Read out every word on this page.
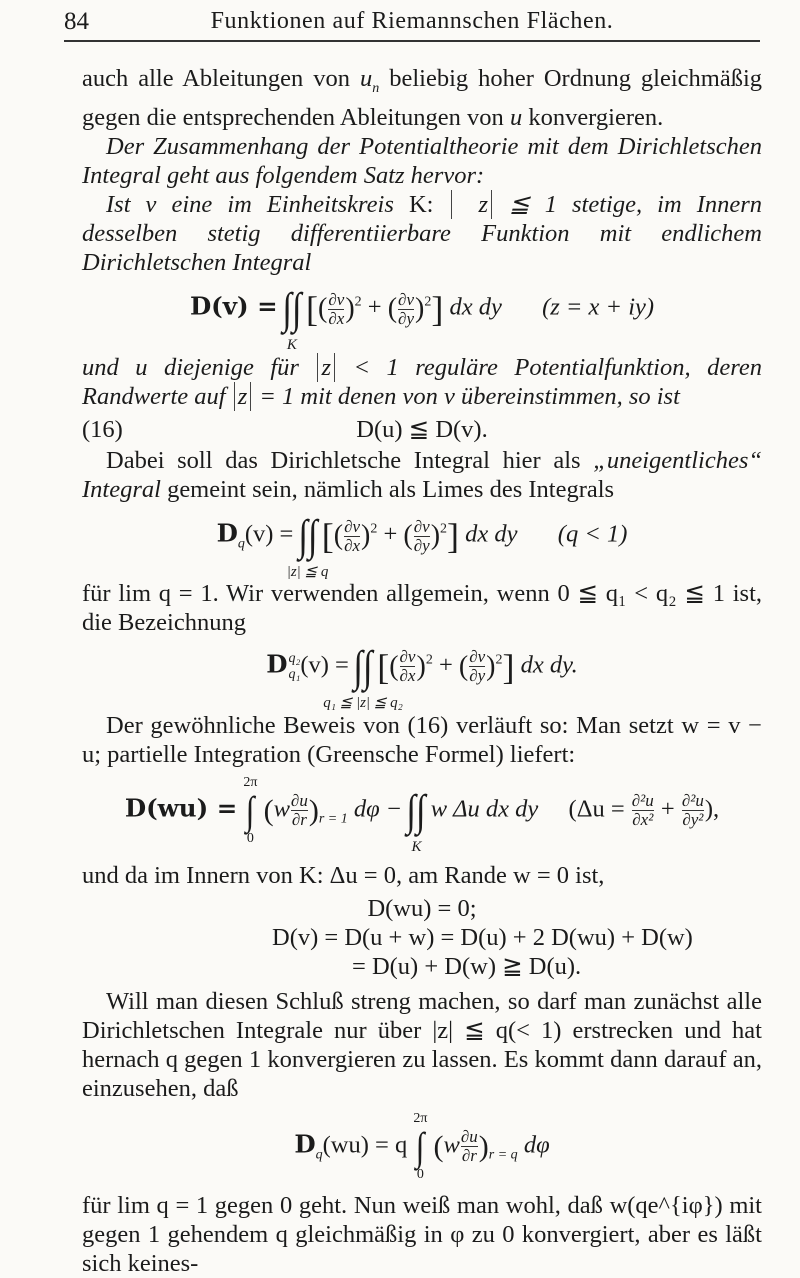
84	Funktionen auf Riemannschen Flächen.

auch alle Ableitungen von $u_n$ beliebig hoher Ordnung gleichmäßig gegen die entsprechenden Ableitungen von u konvergieren.

Der Zusammenhang der Potentialtheorie mit dem Dirichletschen Integral geht aus folgendem Satz hervor:

Ist v eine im Einheitskreis K: z ≦ 1 stetige, im Innern desselben stetig differentiierbare Funktion mit endlichem Dirichletschen Integral

D(v) = ∫∫
K
[( $\frac{\partial v}{\partial x} )^2$ + ( $\frac{\partial v}{\partial y} )^2$] dx dy (z = x + iy)

und u diejenige für z < 1 reguläre Potentialfunktion, deren Randwerte auf z = 1 mit denen von v übereinstimmen, so ist

(16)	D(u) ≦ D(v).

Dabei soll das Dirichletsche Integral hier als „uneigentliches“ Integral gemeint sein, nämlich als Limes des Integrals

$D_q(v)$ = ∫∫
|z| ≦ q
[( $\frac{\partial v}{\partial x} )^2$ + ( $\frac{\partial v}{\partial y} )^2$] dx dy (q < 1)

für lim q = 1. Wir verwenden allgemein, wenn 0 ≦ q₁ < q₂ ≦ 1 ist, die Bezeichnung

D q₂
q₁ (v) = ∫∫
q₁ ≦ |z| ≦ q₂
[( $\frac{\partial v}{\partial x} )^2$ + ( $\frac{\partial v}{\partial y} )^2$] dx dy.

Der gewöhnliche Beweis von (16) verläuft so: Man setzt w = v − u; partielle Integration (Greensche Formel) liefert:

D(wu) =
2π
∫
0
$(w \frac{\partial u}{\partial r} )_{r = 1}$ dφ − ∫∫
K
w Δu dx dy ($\Delta u = \frac{\text{∂²u}}{\text{∂x²}} + \frac{\text{∂²u}}{\text{∂y²}}$ ),

und da im Innern von K: Δu = 0, am Rande w = 0 ist,

D(wu) = 0;
D(v) = D(u + w) = D(u) + 2 D(wu) + D(w)
= D(u) + D(w) ≧ D(u).

Will man diesen Schluß streng machen, so darf man zunächst alle Dirichletschen Integrale nur über |z| ≦ q(< 1) erstrecken und hat hernach q gegen 1 konvergieren zu lassen. Es kommt dann darauf an, einzusehen, daß

$D_q(wu) = q$
2π
∫
0
$(w \frac{\partial u}{\partial r} )_{r = q}$ dφ

für lim q = 1 gegen 0 geht. Nun weiß man wohl, daß w(qe^{iφ}) mit gegen 1 gehendem q gleichmäßig in φ zu 0 konvergiert, aber es läßt sich keines-
